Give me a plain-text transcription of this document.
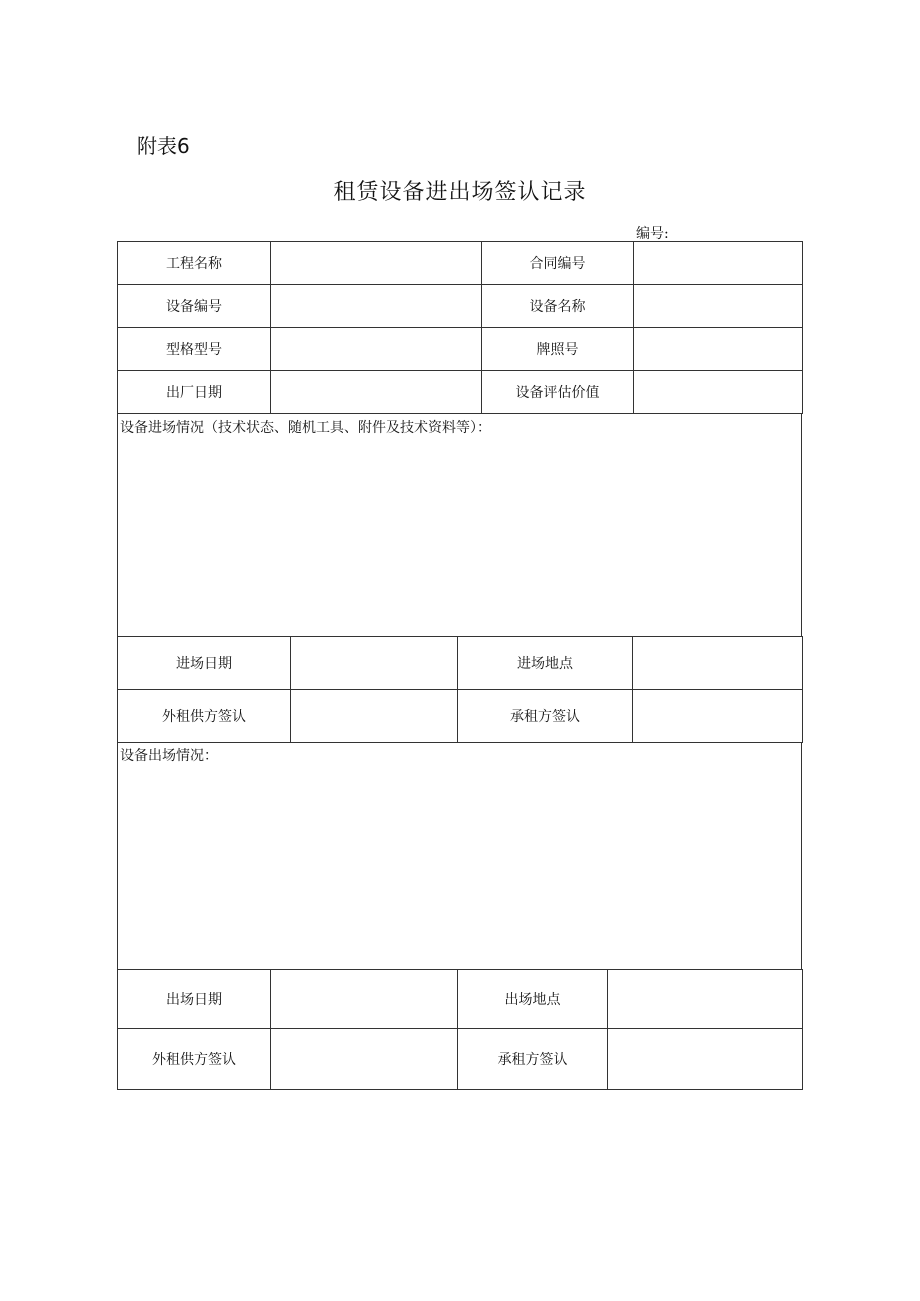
附表6
租赁设备进出场签认记录
编号:
工程名称		合同编号	
设备编号		设备名称	
型格型号		牌照号	
出厂日期		设备评估价值	
设备进场情况（技术状态、随机工具、附件及技术资料等）：
进场日期		进场地点	
外租供方签认		承租方签认	
设备出场情况：
出场日期		出场地点	
外租供方签认		承租方签认	
